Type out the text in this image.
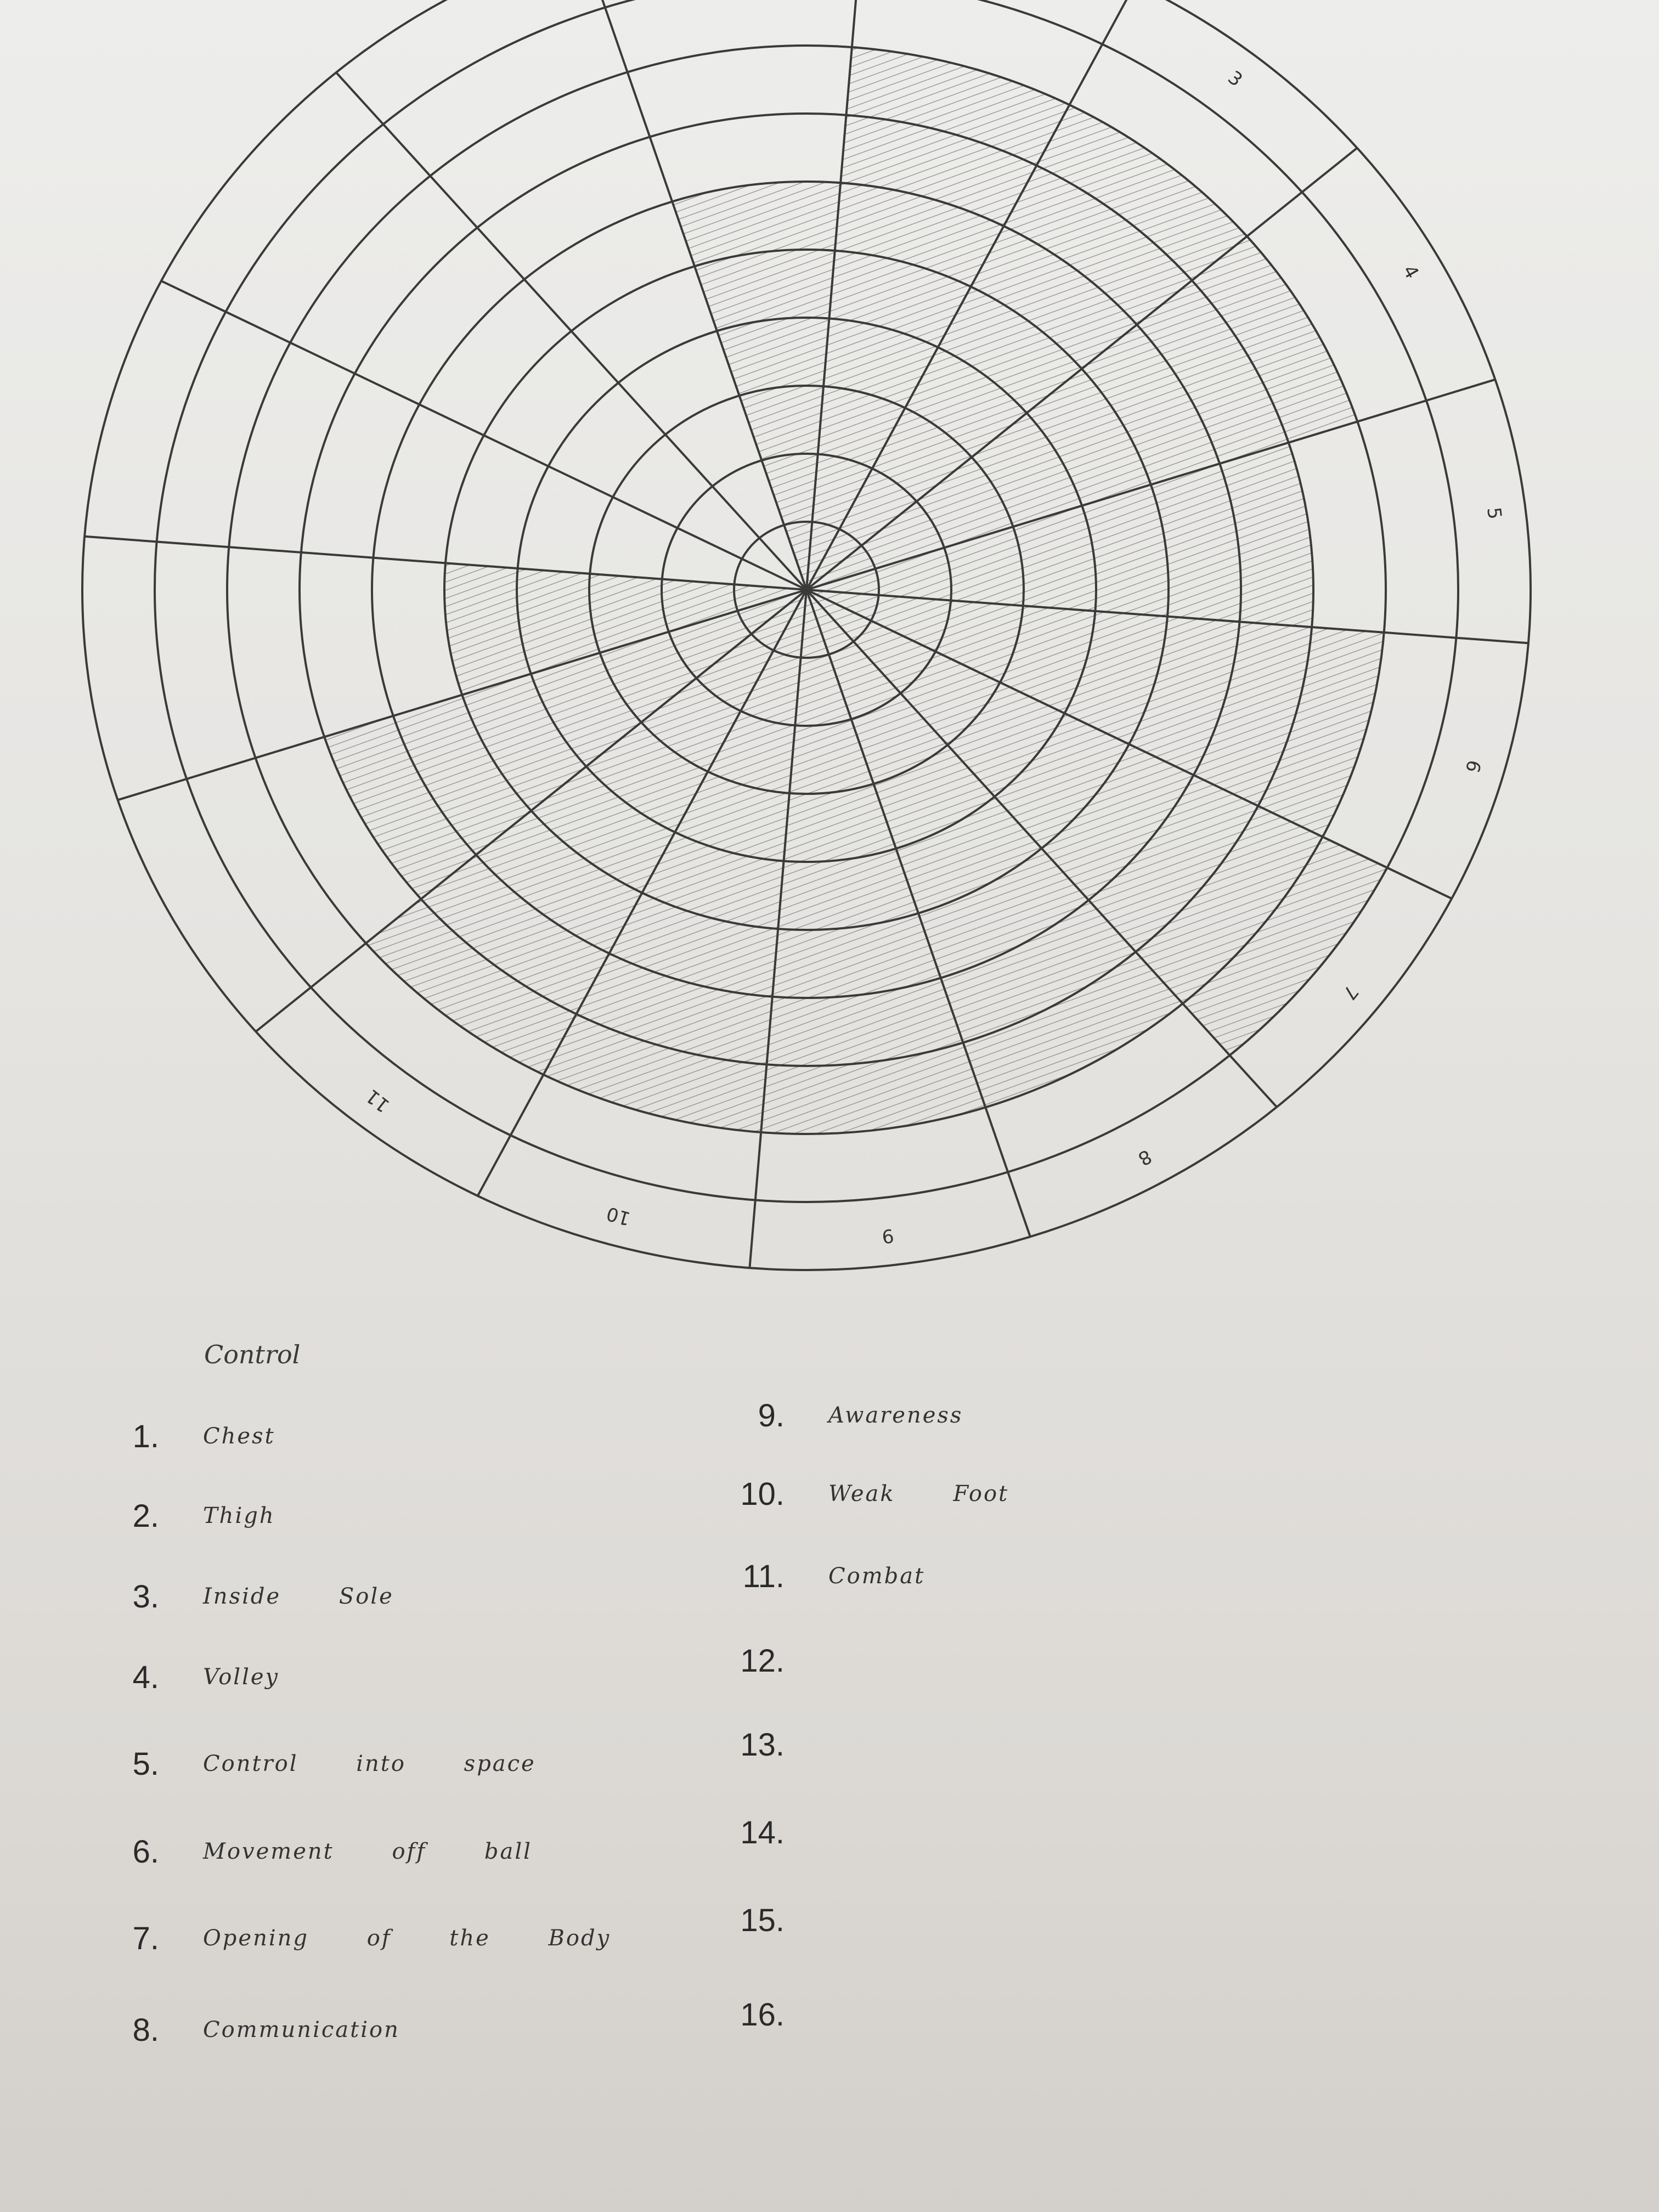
3
4
5
6
7
8
9
10
11
Control
1.	Chest
2.	Thigh
3.	Inside Sole
4.	Volley
5.	Control into space
6.	Movement off ball
7.	Opening of the Body
8.	Communication
9.	Awareness
10.	Weak Foot
11.	Combat
12.
13.
14.
15.
16.
